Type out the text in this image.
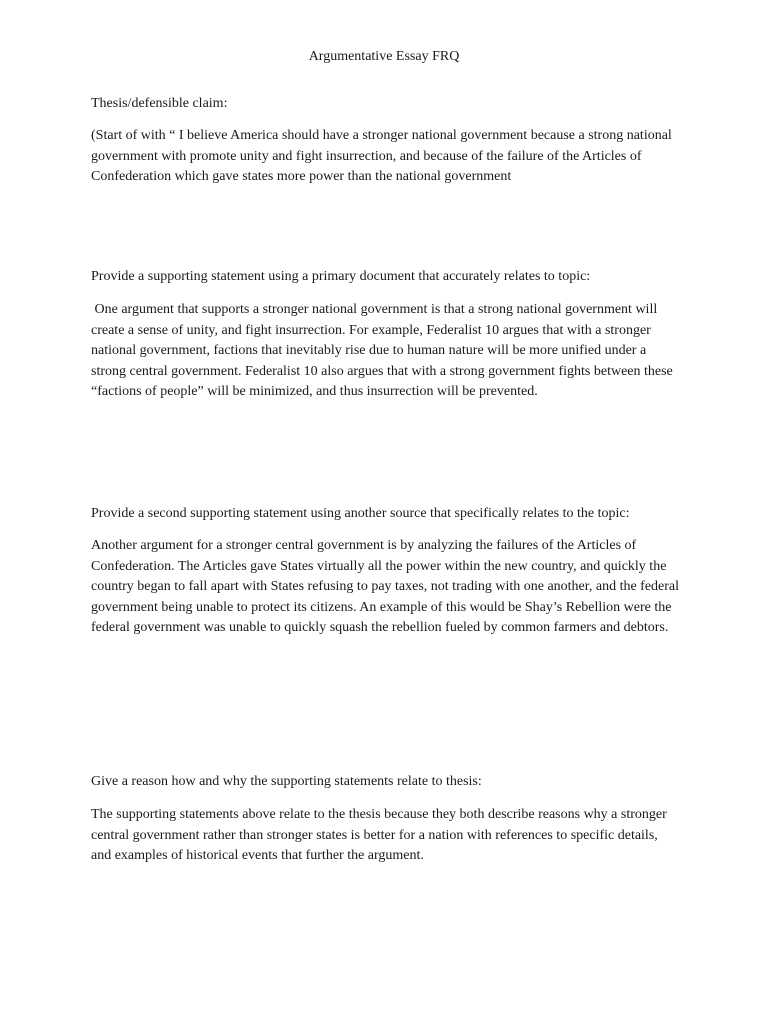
Argumentative Essay FRQ

Thesis/defensible claim:

(Start of with “ I believe America should have a stronger national government because a strong national government with promote unity and fight insurrection, and because of the failure of the Articles of Confederation which gave states more power than the national government

Provide a supporting statement using a primary document that accurately relates to topic:

One argument that supports a stronger national government is that a strong national government will create a sense of unity, and fight insurrection. For example, Federalist 10 argues that with a stronger national government, factions that inevitably rise due to human nature will be more unified under a strong central government. Federalist 10 also argues that with a strong government fights between these “factions of people” will be minimized, and thus insurrection will be prevented.

Provide a second supporting statement using another source that specifically relates to the topic:

Another argument for a stronger central government is by analyzing the failures of the Articles of Confederation. The Articles gave States virtually all the power within the new country, and quickly the country began to fall apart with States refusing to pay taxes, not trading with one another, and the federal government being unable to protect its citizens. An example of this would be Shay’s Rebellion were the federal government was unable to quickly squash the rebellion fueled by common farmers and debtors.

Give a reason how and why the supporting statements relate to thesis:

The supporting statements above relate to the thesis because they both describe reasons why a stronger central government rather than stronger states is better for a nation with references to specific details, and examples of historical events that further the argument.
